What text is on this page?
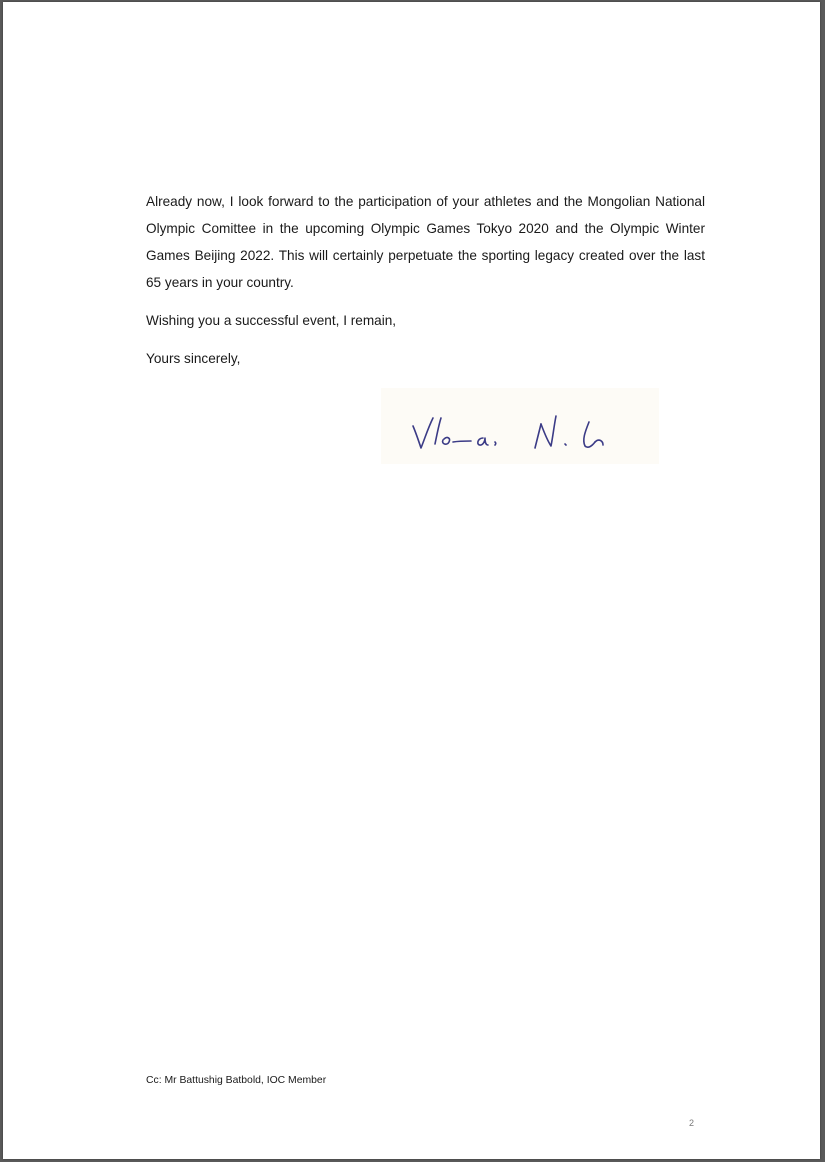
Already now, I look forward to the participation of your athletes and the Mongolian National Olympic Comittee in the upcoming Olympic Games Tokyo 2020 and the Olympic Winter Games Beijing 2022. This will certainly perpetuate the sporting legacy created over the last 65 years in your country.

Wishing you a successful event, I remain,

Yours sincerely,

Cc: Mr Battushig Batbold, IOC Member

2
